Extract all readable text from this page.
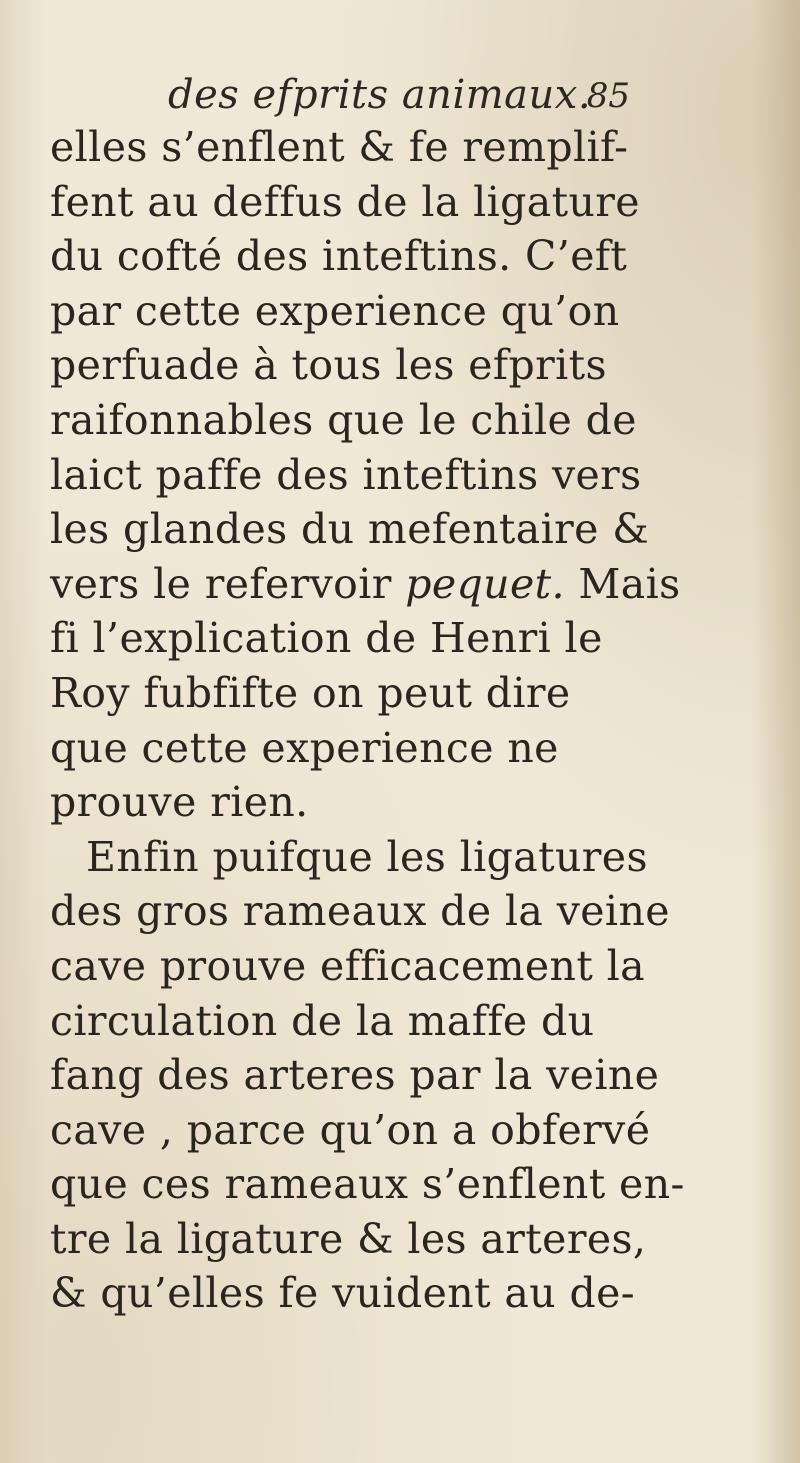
des efprits animaux.
85
elles s’enflent & fe remplif-
fent au deffus de la ligature
du cofté des inteftins. C’eft
par cette experience qu’on
perfuade à tous les efprits
raifonnables que le chile de
laict paffe des inteftins vers
les glandes du mefentaire &
vers le refervoir pequet. Mais
fi l’explication de Henri le
Roy fubfifte on peut dire
que cette experience ne
prouve rien.
Enfin puifque les ligatures
des gros rameaux de la veine
cave prouve efficacement la
circulation de la maffe du
fang des arteres par la veine
cave , parce qu’on a obfervé
que ces rameaux s’enflent en-
tre la ligature & les arteres,
& qu’elles fe vuident au de-
